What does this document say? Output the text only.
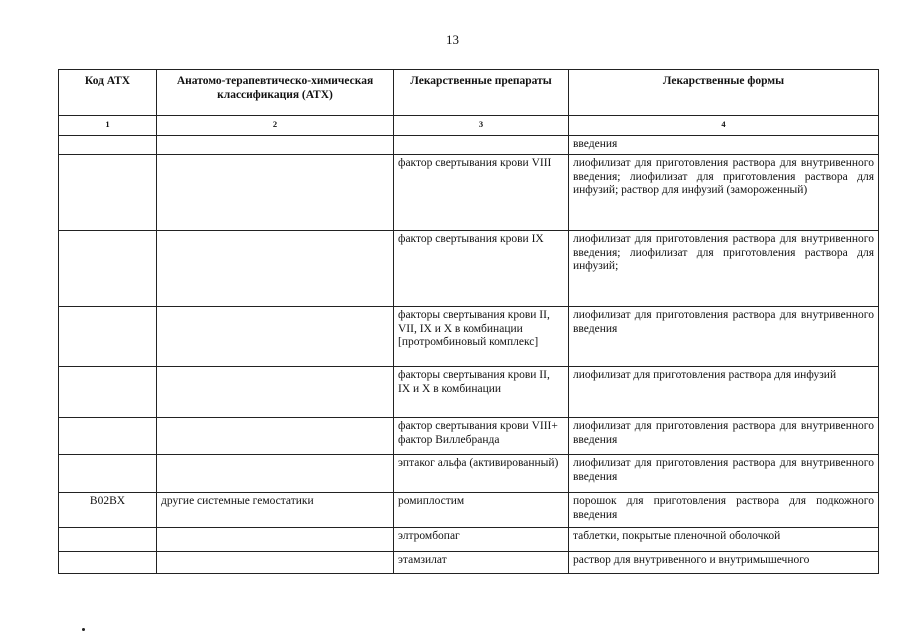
13
Код АТХ	Анатомо-терапевтическо-химическая классификация (АТХ)	Лекарственные препараты	Лекарственные формы
1	2	3	4
			введения
		фактор свертывания крови VIII	лиофилизат для приготовления раствора для внутривенного введения; лиофилизат для приготовления раствора для инфузий; раствор для инфузий (замороженный)
		фактор свертывания крови IX	лиофилизат для приготовления раствора для внутривенного введения; лиофилизат для приготовления раствора для инфузий;
		факторы свертывания крови II, VII, IX и X в комбинации [протромбиновый комплекс]	лиофилизат для приготовления раствора для внутривенного введения
		факторы свертывания крови II, IX и X в комбинации	лиофилизат для приготовления раствора для инфузий
		фактор свертывания крови VIII+ фактор Виллебранда	лиофилизат для приготовления раствора для внутривенного введения
		эптаког альфа (активированный)	лиофилизат для приготовления раствора для внутривенного введения
B02BX	другие системные гемостатики	ромиплостим	порошок для приготовления раствора для подкожного введения
		элтромбопаг	таблетки, покрытые пленочной оболочкой
		этамзилат	раствор для внутривенного и внутримышечного
